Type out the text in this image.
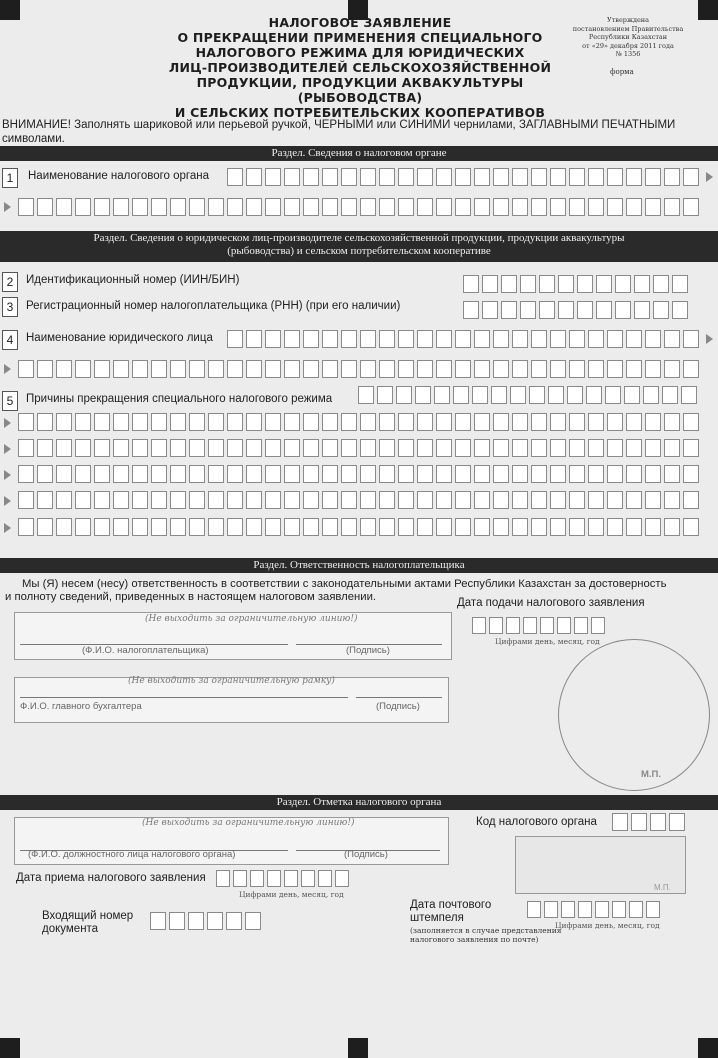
НАЛОГОВОЕ ЗАЯВЛЕНИЕ
О ПРЕКРАЩЕНИИ ПРИМЕНЕНИЯ СПЕЦИАЛЬНОГО
НАЛОГОВОГО РЕЖИМА ДЛЯ ЮРИДИЧЕСКИХ
ЛИЦ-ПРОИЗВОДИТЕЛЕЙ СЕЛЬСКОХОЗЯЙСТВЕННОЙ
ПРОДУКЦИИ, ПРОДУКЦИИ АКВАКУЛЬТУРЫ (РЫБОВОДСТВА)
И СЕЛЬСКИХ ПОТРЕБИТЕЛЬСКИХ КООПЕРАТИВОВ
Утверждена
постановлением Правительства
Республики Казахстан
от «29» декабря 2011 года
№ 1356
форма
ВНИМАНИЕ! Заполнять шариковой или перьевой ручкой, ЧЕРНЫМИ или СИНИМИ чернилами, ЗАГЛАВНЫМИ ПЕЧАТНЫМИ символами.
Раздел. Сведения о налоговом органе
1	Наименование налогового органа
Раздел. Сведения о юридическом лиц-производителе сельскохозяйственной продукции, продукции аквакультуры
(рыбоводства) и сельском потребительском кооперативе
2	Идентификационный номер (ИИН/БИН)
3	Регистрационный номер налогоплательщика (РНН) (при его наличии)
4	Наименование юридического лица
5	Причины прекращения специального налогового режима
Раздел. Ответственность налогоплательщика
Мы (Я) несем (несу) ответственность в соответствии с законодательными актами Республики Казахстан за достоверность
и полноту сведений, приведенных в настоящем налоговом заявлении.	Дата подачи налогового заявления
Цифрами день, месяц, год
(Не выходить за ограничительную линию!)
(Ф.И.О. налогоплательщика)	(Подпись)
(Не выходить за ограничительную рамку)
Ф.И.О. главного бухгалтера	(Подпись)
М.П.
Раздел. Отметка налогового органа
(Не выходить за ограничительную линию!)
(Ф.И.О. должностного лица налогового органа)	(Подпись)
Код налогового органа
М.П.
Дата приема налогового заявления
Цифрами день, месяц, год
Входящий номер
документа
Дата почтового
штемпеля
(заполняется в случае представления
налогового заявления по почте)
Цифрами день, месяц, год
